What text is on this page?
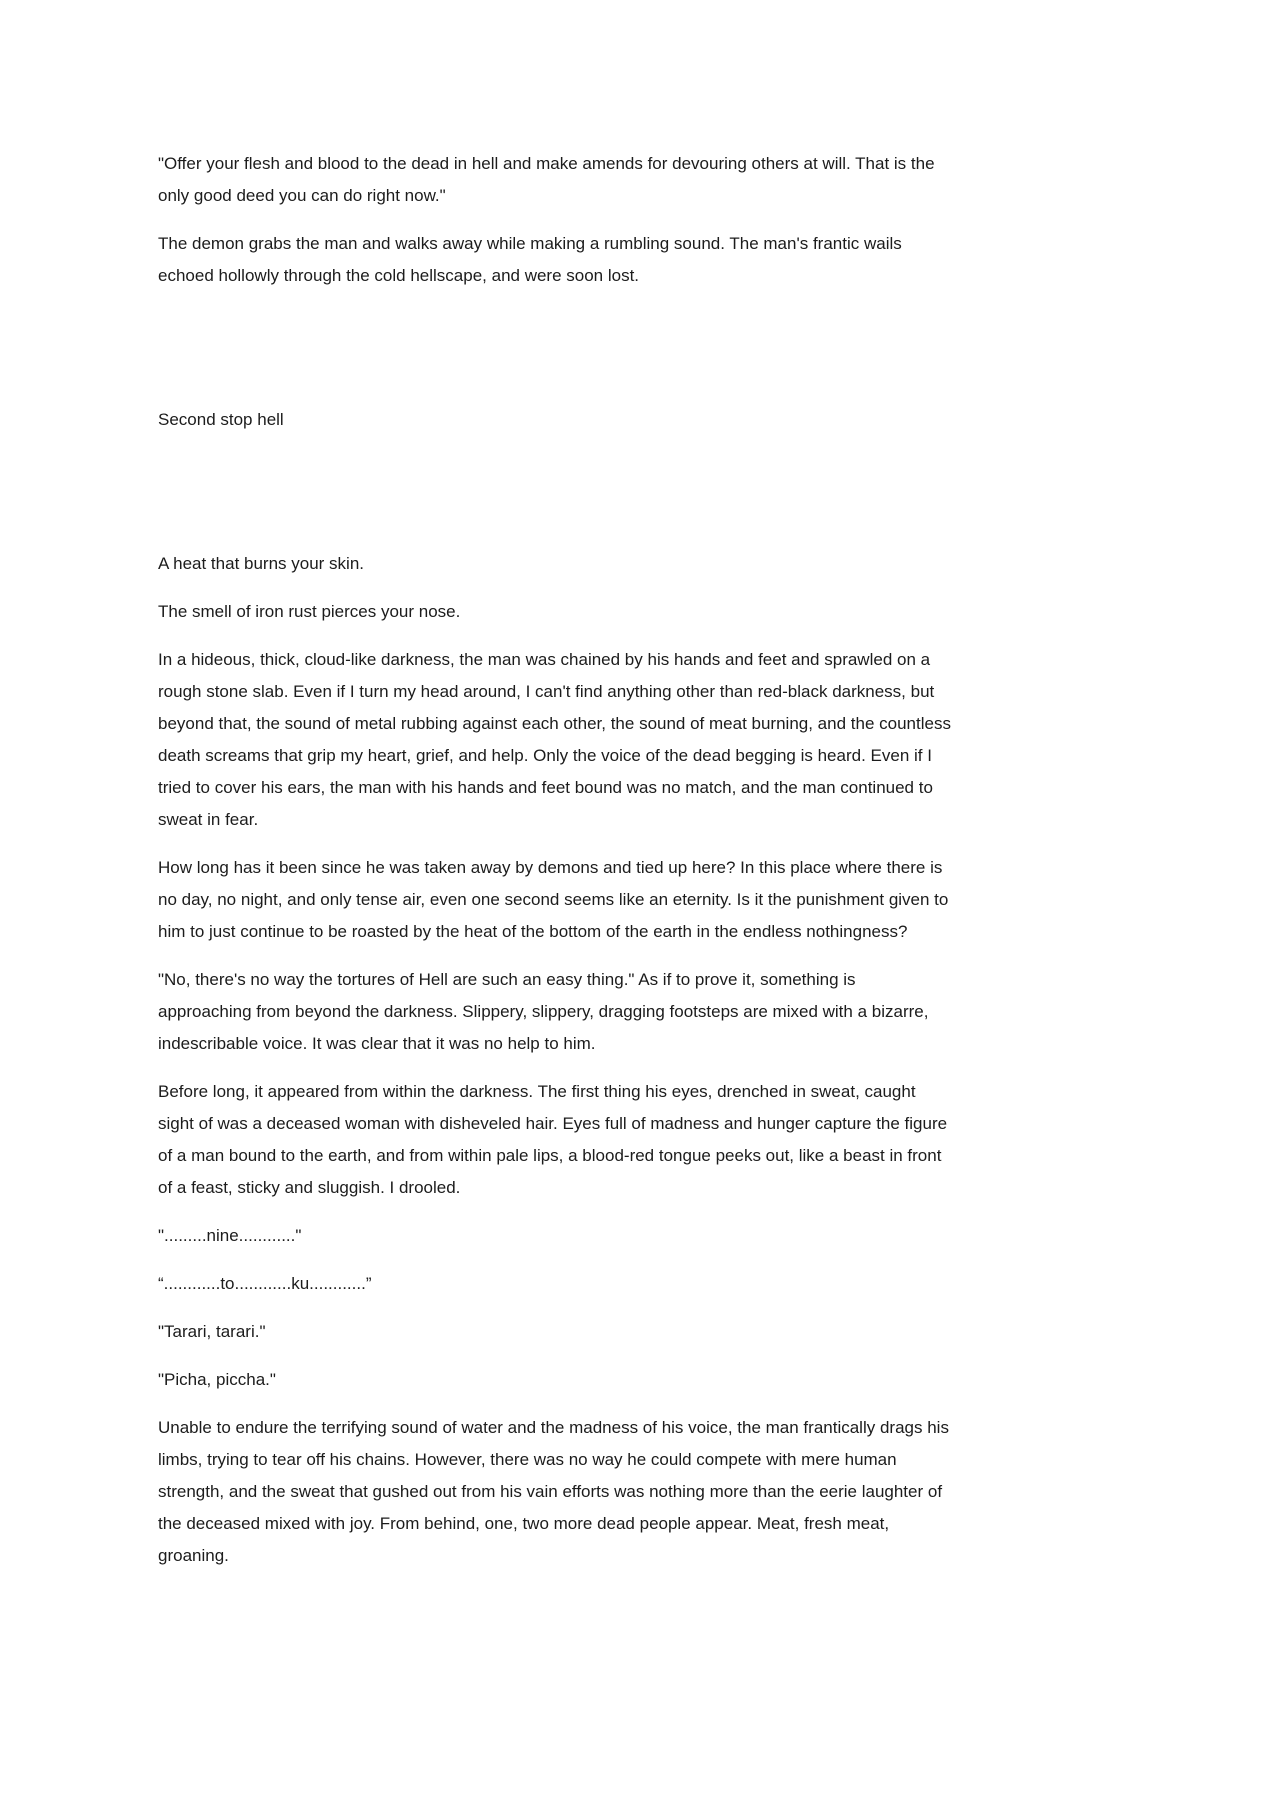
"Offer your flesh and blood to the dead in hell and make amends for devouring others at will. That is the only good deed you can do right now."

The demon grabs the man and walks away while making a rumbling sound. The man's frantic wails echoed hollowly through the cold hellscape, and were soon lost.

Second stop hell

A heat that burns your skin.

The smell of iron rust pierces your nose.

In a hideous, thick, cloud-like darkness, the man was chained by his hands and feet and sprawled on a rough stone slab. Even if I turn my head around, I can't find anything other than red-black darkness, but beyond that, the sound of metal rubbing against each other, the sound of meat burning, and the countless death screams that grip my heart, grief, and help. Only the voice of the dead begging is heard. Even if I tried to cover his ears, the man with his hands and feet bound was no match, and the man continued to sweat in fear.

How long has it been since he was taken away by demons and tied up here? In this place where there is no day, no night, and only tense air, even one second seems like an eternity. Is it the punishment given to him to just continue to be roasted by the heat of the bottom of the earth in the endless nothingness?

"No, there's no way the tortures of Hell are such an easy thing." As if to prove it, something is approaching from beyond the darkness. Slippery, slippery, dragging footsteps are mixed with a bizarre, indescribable voice. It was clear that it was no help to him.

Before long, it appeared from within the darkness. The first thing his eyes, drenched in sweat, caught sight of was a deceased woman with disheveled hair. Eyes full of madness and hunger capture the figure of a man bound to the earth, and from within pale lips, a blood-red tongue peeks out, like a beast in front of a feast, sticky and sluggish. I drooled.

".........nine............"

“............to............ku............”

"Tarari, tarari."

"Picha, piccha."

Unable to endure the terrifying sound of water and the madness of his voice, the man frantically drags his limbs, trying to tear off his chains. However, there was no way he could compete with mere human strength, and the sweat that gushed out from his vain efforts was nothing more than the eerie laughter of the deceased mixed with joy. From behind, one, two more dead people appear. Meat, fresh meat, groaning.
